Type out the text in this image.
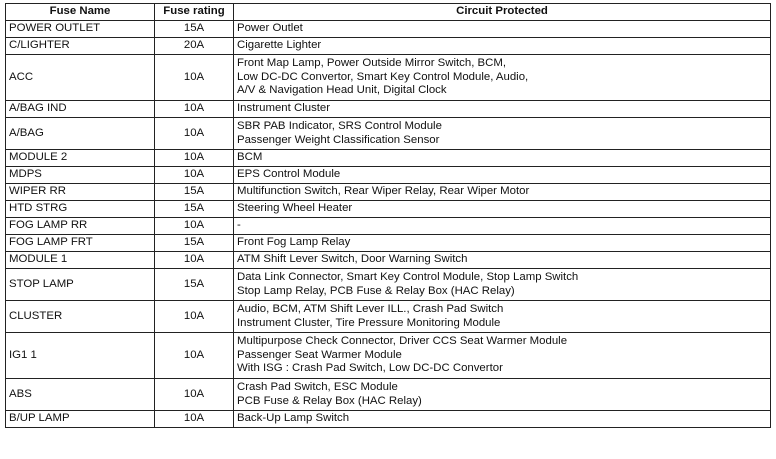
Fuse Name	Fuse rating	Circuit Protected
POWER OUTLET	15A	Power Outlet

C/LIGHTER	20A	Cigarette Lighter

ACC	10A	Front Map Lamp, Power Outside Mirror Switch, BCM,
Low DC-DC Convertor, Smart Key Control Module, Audio,
A/V & Navigation Head Unit, Digital Clock

A/BAG IND	10A	Instrument Cluster

A/BAG	10A	SBR PAB Indicator, SRS Control Module
Passenger Weight Classification Sensor

MODULE 2	10A	BCM

MDPS	10A	EPS Control Module

WIPER RR	15A	Multifunction Switch, Rear Wiper Relay, Rear Wiper Motor

HTD STRG	15A	Steering Wheel Heater

FOG LAMP RR	10A	-

FOG LAMP FRT	15A	Front Fog Lamp Relay

MODULE 1	10A	ATM Shift Lever Switch, Door Warning Switch

STOP LAMP	15A	Data Link Connector, Smart Key Control Module, Stop Lamp Switch
Stop Lamp Relay, PCB Fuse & Relay Box (HAC Relay)

CLUSTER	10A	Audio, BCM, ATM Shift Lever ILL., Crash Pad Switch
Instrument Cluster, Tire Pressure Monitoring Module

IG1 1	10A	Multipurpose Check Connector, Driver CCS Seat Warmer Module
Passenger Seat Warmer Module
With ISG : Crash Pad Switch, Low DC-DC Convertor

ABS	10A	Crash Pad Switch, ESC Module
PCB Fuse & Relay Box (HAC Relay)

B/UP LAMP	10A	Back-Up Lamp Switch
